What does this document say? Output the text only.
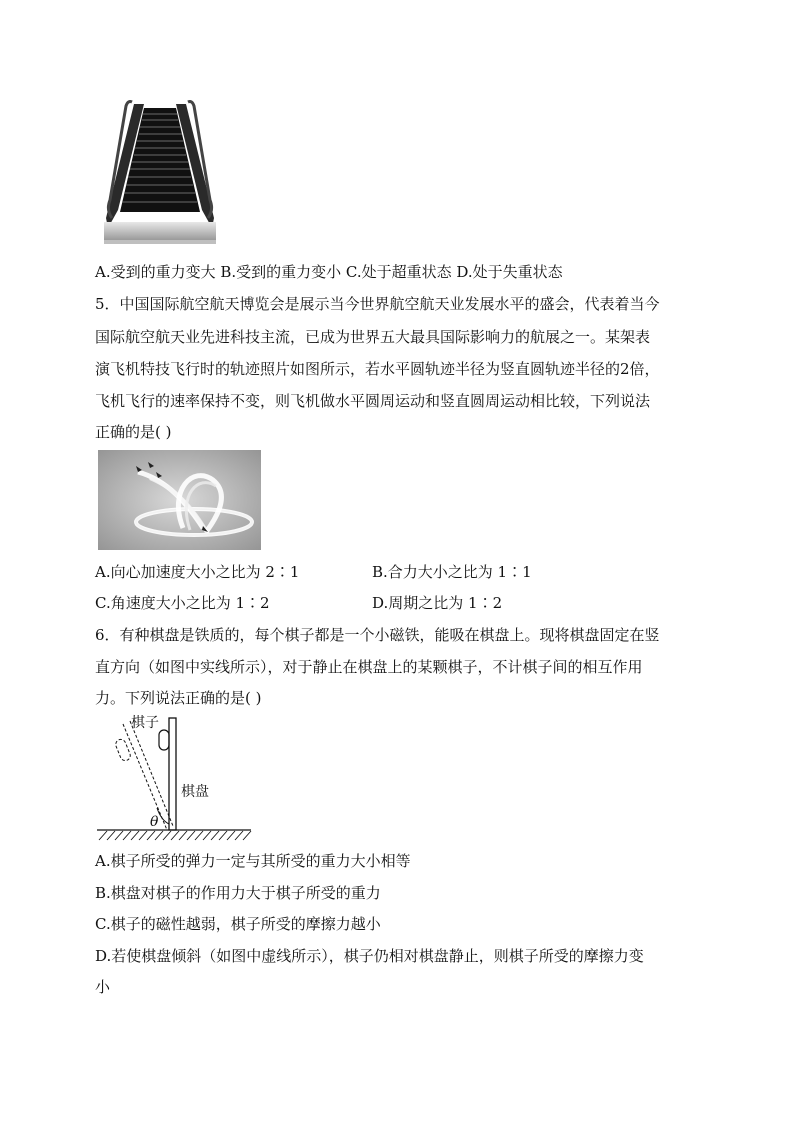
A.受到的重力变大 B.受到的重力变小 C.处于超重状态 D.处于失重状态
5．中国国际航空航天博览会是展示当今世界航空航天业发展水平的盛会，代表着当今
国际航空航天业先进科技主流，已成为世界五大最具国际影响力的航展之一。某架表
演飞机特技飞行时的轨迹照片如图所示，若水平圆轨迹半径为竖直圆轨迹半径的2倍，
飞机飞行的速率保持不变，则飞机做水平圆周运动和竖直圆周运动相比较，下列说法
正确的是( )
A.向心加速度大小之比为 2∶1	B.合力大小之比为 1∶1
C.角速度大小之比为 1∶2	D.周期之比为 1∶2
6．有种棋盘是铁质的，每个棋子都是一个小磁铁，能吸在棋盘上。现将棋盘固定在竖
直方向（如图中实线所示），对于静止在棋盘上的某颗棋子，不计棋子间的相互作用
力。下列说法正确的是( )
棋子
棋盘
θ
A.棋子所受的弹力一定与其所受的重力大小相等
B.棋盘对棋子的作用力大于棋子所受的重力
C.棋子的磁性越弱，棋子所受的摩擦力越小
D.若使棋盘倾斜（如图中虚线所示），棋子仍相对棋盘静止，则棋子所受的摩擦力变
小
